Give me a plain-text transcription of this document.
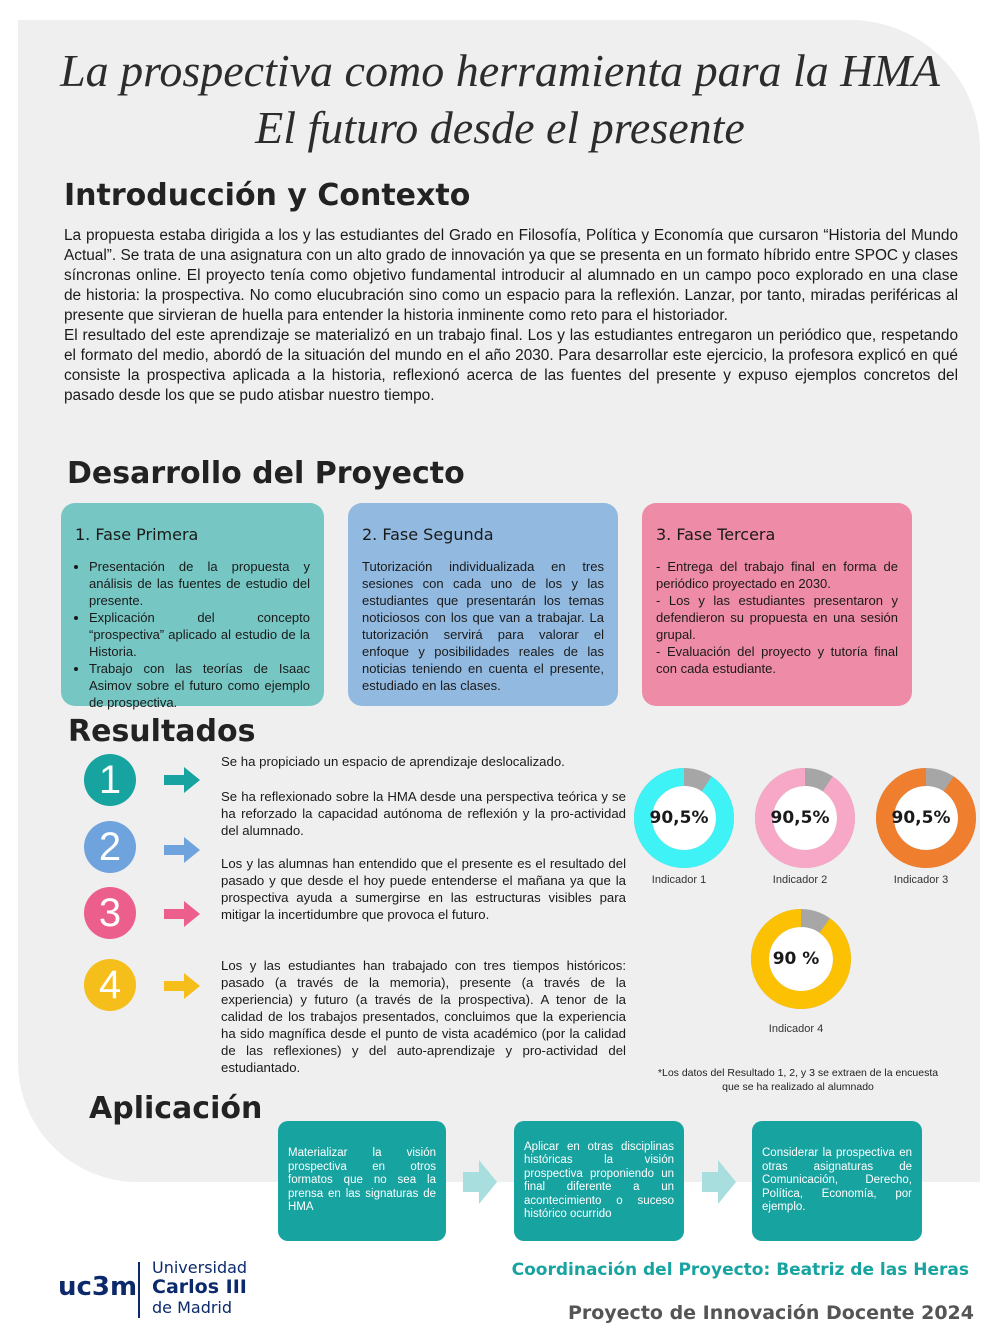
La prospectiva como herramienta para la HMA
El futuro desde el presente
Introducción y Contexto

La propuesta estaba dirigida a los y las estudiantes del Grado en Filosofía, Política y Economía que cursaron “Historia del Mundo Actual”. Se trata de una asignatura con un alto grado de innovación ya que se presenta en un formato híbrido entre SPOC y clases síncronas online. El proyecto tenía como objetivo fundamental introducir al alumnado en un campo poco explorado en una clase de historia: la prospectiva. No como elucubración sino como un espacio para la reflexión. Lanzar, por tanto, miradas periféricas al presente que sirvieran de huella para entender la historia inminente como reto para el historiador.

El resultado del este aprendizaje se materializó en un trabajo final. Los y las estudiantes entregaron un periódico que, respetando el formato del medio, abordó de la situación del mundo en el año 2030. Para desarrollar este ejercicio, la profesora explicó en qué consiste la prospectiva aplicada a la historia, reflexionó acerca de las fuentes del presente y expuso ejemplos concretos del pasado desde los que se pudo atisbar nuestro tiempo.

Desarrollo del Proyecto
1. Fase Primera
• Presentación de la propuesta y análisis de las fuentes de estudio del presente.
• Explicación del concepto “prospectiva” aplicado al estudio de la Historia.
• Trabajo con las teorías de Isaac Asimov sobre el futuro como ejemplo de prospectiva.
2. Fase Segunda
Tutorización individualizada en tres sesiones con cada uno de los y las estudiantes que presentarán los temas noticiosos con los que van a trabajar. La tutorización servirá para valorar el enfoque y posibilidades reales de las noticias teniendo en cuenta el presente, estudiado en las clases.
3. Fase Tercera
- Entrega del trabajo final en forma de periódico proyectado en 2030.
- Los y las estudiantes presentaron y defendieron su propuesta en una sesión grupal.
- Evaluación del proyecto y tutoría final con cada estudiante.
Resultados
1
2
3
4

Se ha propiciado un espacio de aprendizaje deslocalizado.

Se ha reflexionado sobre la HMA desde una perspectiva teórica y se ha reforzado la capacidad autónoma de reflexión y la pro-actividad del alumnado.

Los y las alumnas han entendido que el presente es el resultado del pasado y que desde el hoy puede entenderse el mañana ya que la prospectiva ayuda a sumergirse en las estructuras visibles para mitigar la incertidumbre que provoca el futuro.

Los y las estudiantes han trabajado con tres tiempos históricos: pasado (a través de la memoria), presente (a través de la experiencia) y futuro (a través de la prospectiva). A tenor de la calidad de los trabajos presentados, concluimos que la experiencia ha sido magnífica desde el punto de vista académico (por la calidad de las reflexiones) y del auto-aprendizaje y pro-actividad del estudiantado.

90,5%
Indicador 1
90,5%
Indicador 2
90,5%
Indicador 3
90 %
Indicador 4
*Los datos del Resultado 1, 2, y 3 se extraen de la encuesta
que se ha realizado al alumnado
Aplicación
Materializar la visión prospectiva en otros formatos que no sea la prensa en las signaturas de HMA
Aplicar en otras disciplinas históricas la visión prospectiva proponiendo un final diferente a un acontecimiento o suceso histórico ocurrido
Considerar la prospectiva en otras asignaturas de Comunicación, Derecho, Política, Economía, por ejemplo.
uc3m
Universidad
Carlos III
de Madrid
Coordinación del Proyecto: Beatriz de las Heras
Proyecto de Innovación Docente 2024
